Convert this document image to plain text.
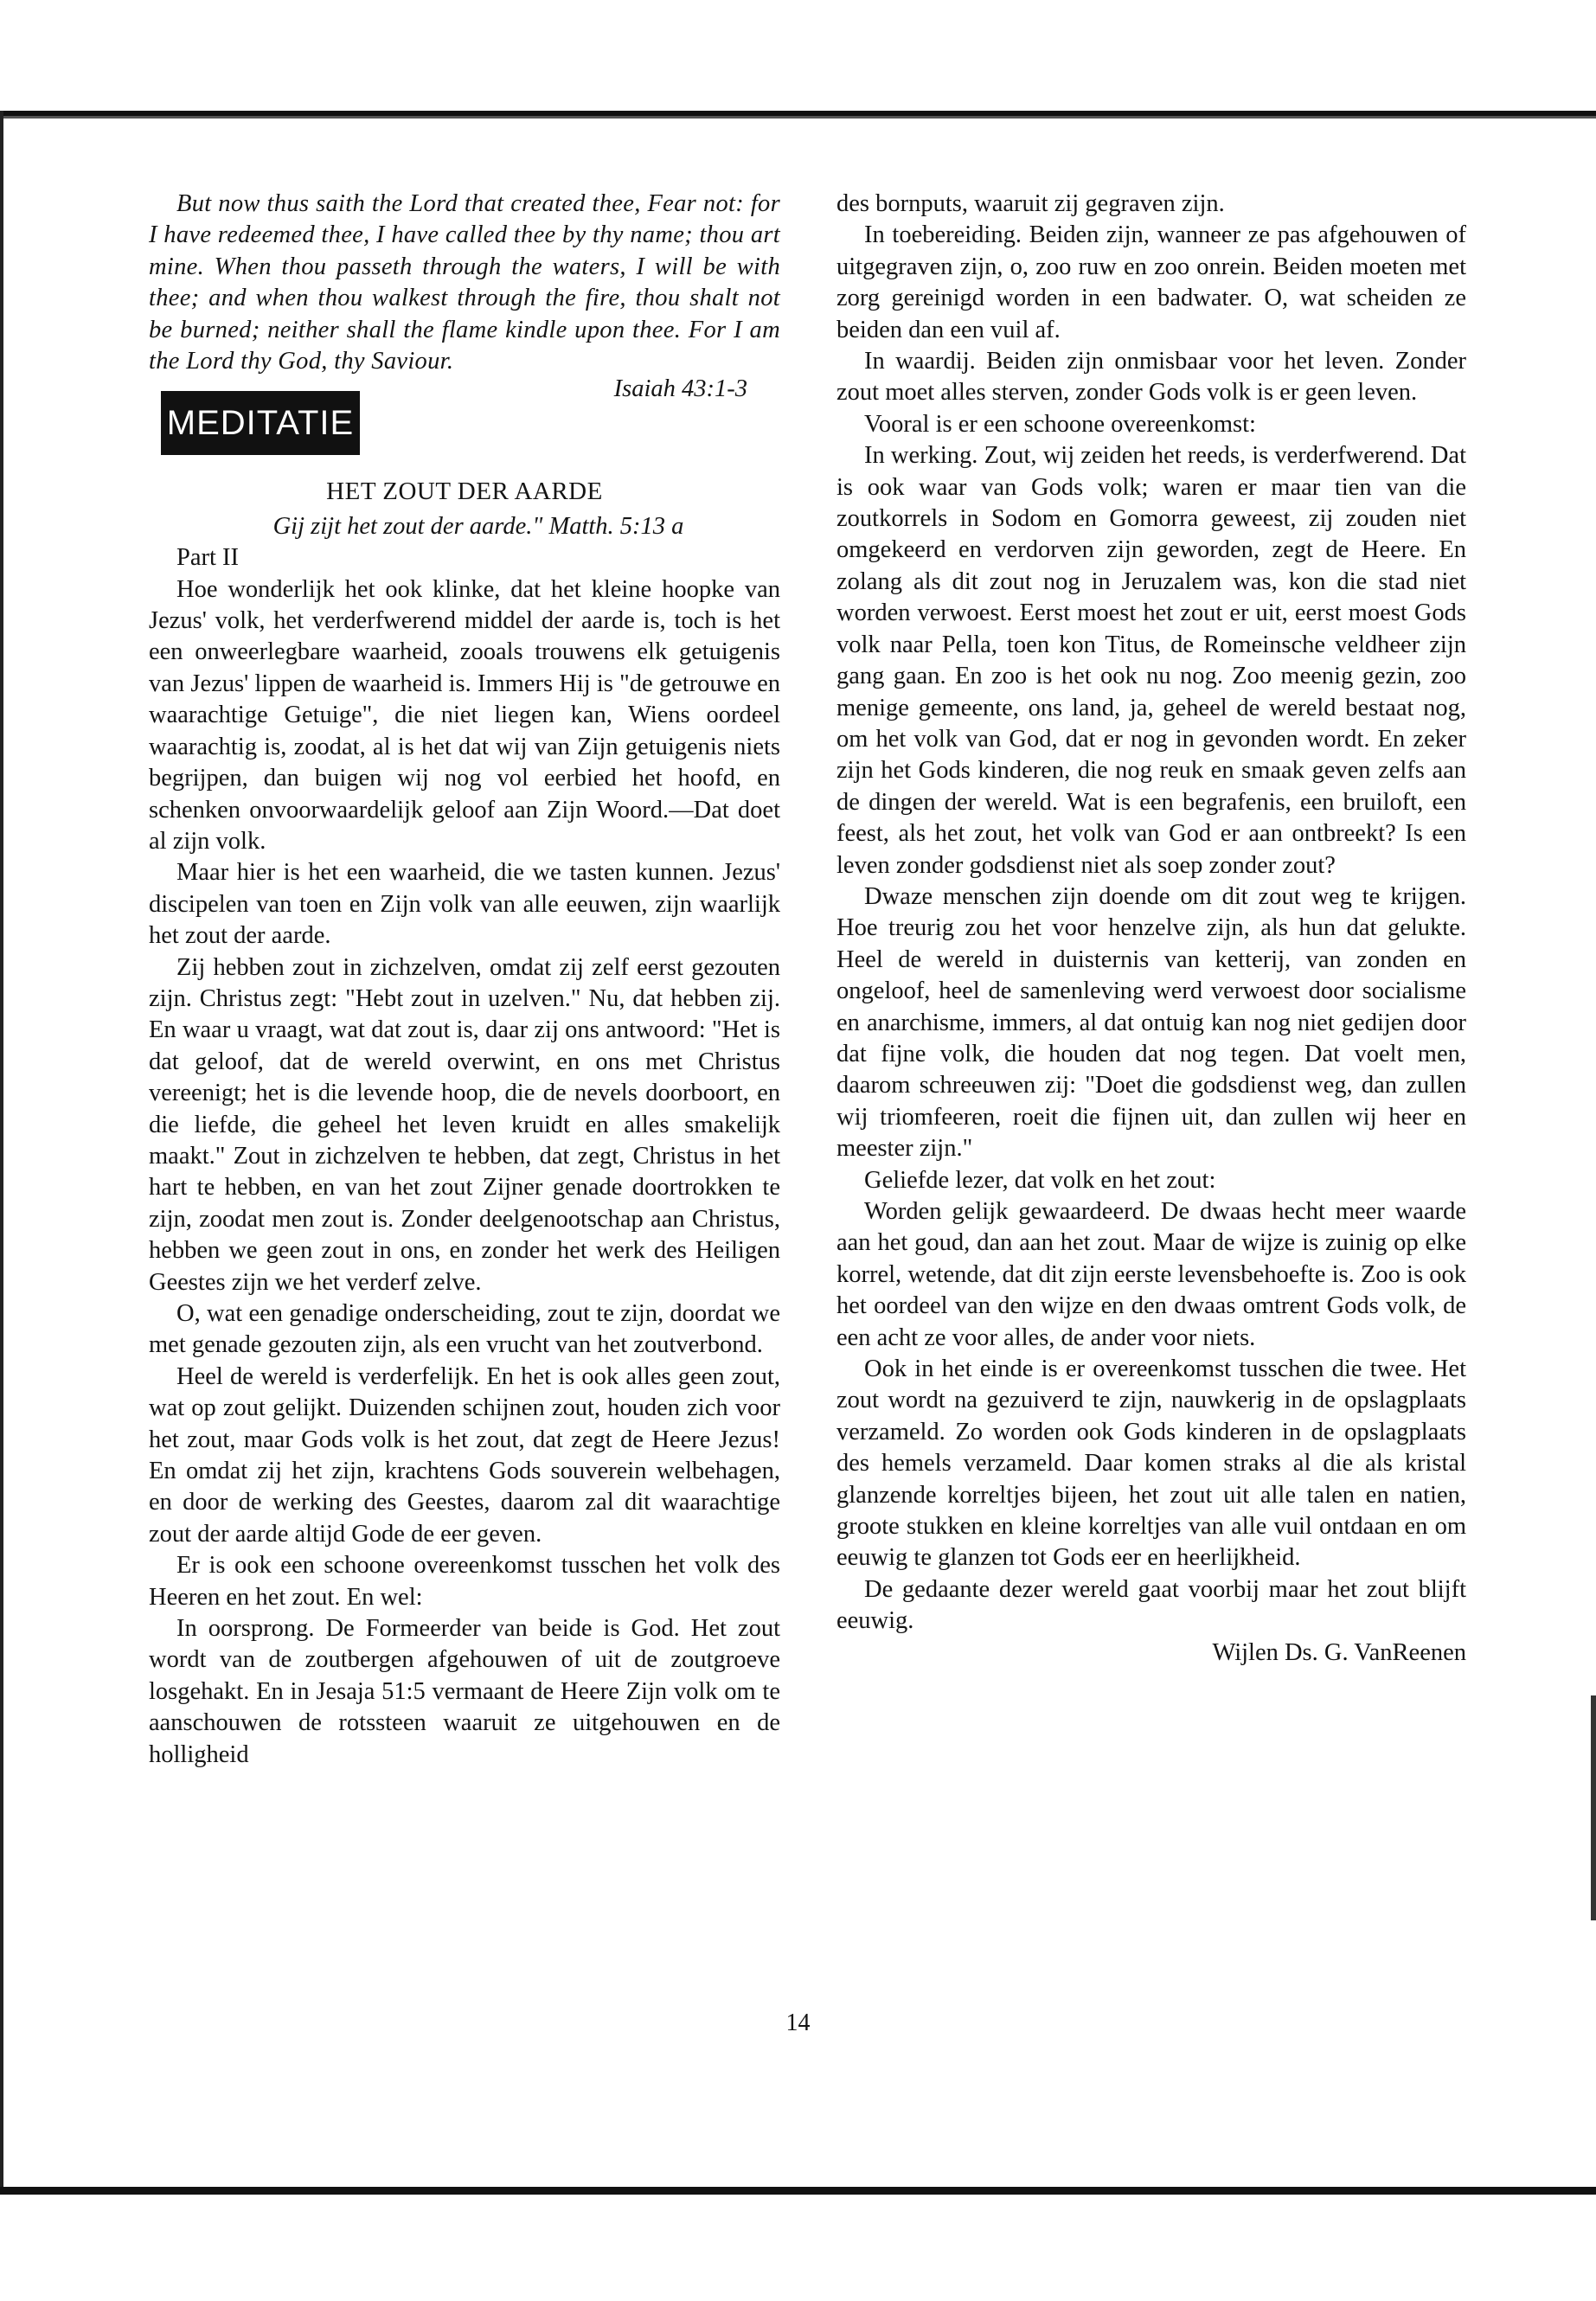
But now thus saith the Lord that created thee, Fear not: for I have redeemed thee, I have called thee by thy name; thou art mine. When thou passeth through the waters, I will be with thee; and when thou walkest through the fire, thou shalt not be burned; neither shall the flame kindle upon thee. For I am the Lord thy God, thy Saviour.

MEDITATIE
Isaiah 43:1-3
HET ZOUT DER AARDE

Gij zijt het zout der aarde." Matth. 5:13 a

Part II

Hoe wonderlijk het ook klinke, dat het kleine hoopke van Jezus' volk, het verderfwerend middel der aarde is, toch is het een onweerlegbare waarheid, zooals trouwens elk getuigenis van Jezus' lippen de waarheid is. Immers Hij is "de getrouwe en waarachtige Getuige", die niet liegen kan, Wiens oordeel waarachtig is, zoodat, al is het dat wij van Zijn getuigenis niets begrijpen, dan buigen wij nog vol eerbied het hoofd, en schenken onvoorwaardelijk geloof aan Zijn Woord.—Dat doet al zijn volk.

Maar hier is het een waarheid, die we tasten kunnen. Jezus' discipelen van toen en Zijn volk van alle eeuwen, zijn waarlijk het zout der aarde.

Zij hebben zout in zichzelven, omdat zij zelf eerst gezouten zijn. Christus zegt: "Hebt zout in uzelven." Nu, dat hebben zij. En waar u vraagt, wat dat zout is, daar zij ons antwoord: "Het is dat geloof, dat de wereld overwint, en ons met Christus vereenigt; het is die levende hoop, die de nevels doorboort, en die liefde, die geheel het leven kruidt en alles smakelijk maakt." Zout in zichzelven te hebben, dat zegt, Christus in het hart te hebben, en van het zout Zijner genade doortrokken te zijn, zoodat men zout is. Zonder deelgenootschap aan Christus, hebben we geen zout in ons, en zonder het werk des Heiligen Geestes zijn we het verderf zelve.

O, wat een genadige onderscheiding, zout te zijn, doordat we met genade gezouten zijn, als een vrucht van het zoutverbond.

Heel de wereld is verderfelijk. En het is ook alles geen zout, wat op zout gelijkt. Duizenden schijnen zout, houden zich voor het zout, maar Gods volk is het zout, dat zegt de Heere Jezus! En omdat zij het zijn, krachtens Gods souverein welbehagen, en door de werking des Geestes, daarom zal dit waarachtige zout der aarde altijd Gode de eer geven.

Er is ook een schoone overeenkomst tusschen het volk des Heeren en het zout. En wel:

In oorsprong. De Formeerder van beide is God. Het zout wordt van de zoutbergen afgehouwen of uit de zoutgroeve losgehakt. En in Jesaja 51:5 vermaant de Heere Zijn volk om te aanschouwen de rotssteen waaruit ze uitgehouwen en de holligheid

des bornputs, waaruit zij gegraven zijn.

In toebereiding. Beiden zijn, wanneer ze pas afgehouwen of uitgegraven zijn, o, zoo ruw en zoo onrein. Beiden moeten met zorg gereinigd worden in een badwater. O, wat scheiden ze beiden dan een vuil af.

In waardij. Beiden zijn onmisbaar voor het leven. Zonder zout moet alles sterven, zonder Gods volk is er geen leven.

Vooral is er een schoone overeenkomst:

In werking. Zout, wij zeiden het reeds, is verderfwerend. Dat is ook waar van Gods volk; waren er maar tien van die zoutkorrels in Sodom en Gomorra geweest, zij zouden niet omgekeerd en verdorven zijn geworden, zegt de Heere. En zolang als dit zout nog in Jeruzalem was, kon die stad niet worden verwoest. Eerst moest het zout er uit, eerst moest Gods volk naar Pella, toen kon Titus, de Romeinsche veldheer zijn gang gaan. En zoo is het ook nu nog. Zoo meenig gezin, zoo menige gemeente, ons land, ja, geheel de wereld bestaat nog, om het volk van God, dat er nog in gevonden wordt. En zeker zijn het Gods kinderen, die nog reuk en smaak geven zelfs aan de dingen der wereld. Wat is een begrafenis, een bruiloft, een feest, als het zout, het volk van God er aan ontbreekt? Is een leven zonder godsdienst niet als soep zonder zout?

Dwaze menschen zijn doende om dit zout weg te krijgen. Hoe treurig zou het voor henzelve zijn, als hun dat gelukte. Heel de wereld in duisternis van ketterij, van zonden en ongeloof, heel de samenleving werd verwoest door socialisme en anarchisme, immers, al dat ontuig kan nog niet gedijen door dat fijne volk, die houden dat nog tegen. Dat voelt men, daarom schreeuwen zij: "Doet die godsdienst weg, dan zullen wij triomfeeren, roeit die fijnen uit, dan zullen wij heer en meester zijn."

Geliefde lezer, dat volk en het zout:

Worden gelijk gewaardeerd. De dwaas hecht meer waarde aan het goud, dan aan het zout. Maar de wijze is zuinig op elke korrel, wetende, dat dit zijn eerste levensbehoefte is. Zoo is ook het oordeel van den wijze en den dwaas omtrent Gods volk, de een acht ze voor alles, de ander voor niets.

Ook in het einde is er overeenkomst tusschen die twee. Het zout wordt na gezuiverd te zijn, nauwkerig in de opslagplaats verzameld. Zo worden ook Gods kinderen in de opslagplaats des hemels verzameld. Daar komen straks al die als kristal glanzende korreltjes bijeen, het zout uit alle talen en natien, groote stukken en kleine korreltjes van alle vuil ontdaan en om eeuwig te glanzen tot Gods eer en heerlijkheid.

De gedaante dezer wereld gaat voorbij maar het zout blijft eeuwig.

Wijlen Ds. G. VanReenen

14
